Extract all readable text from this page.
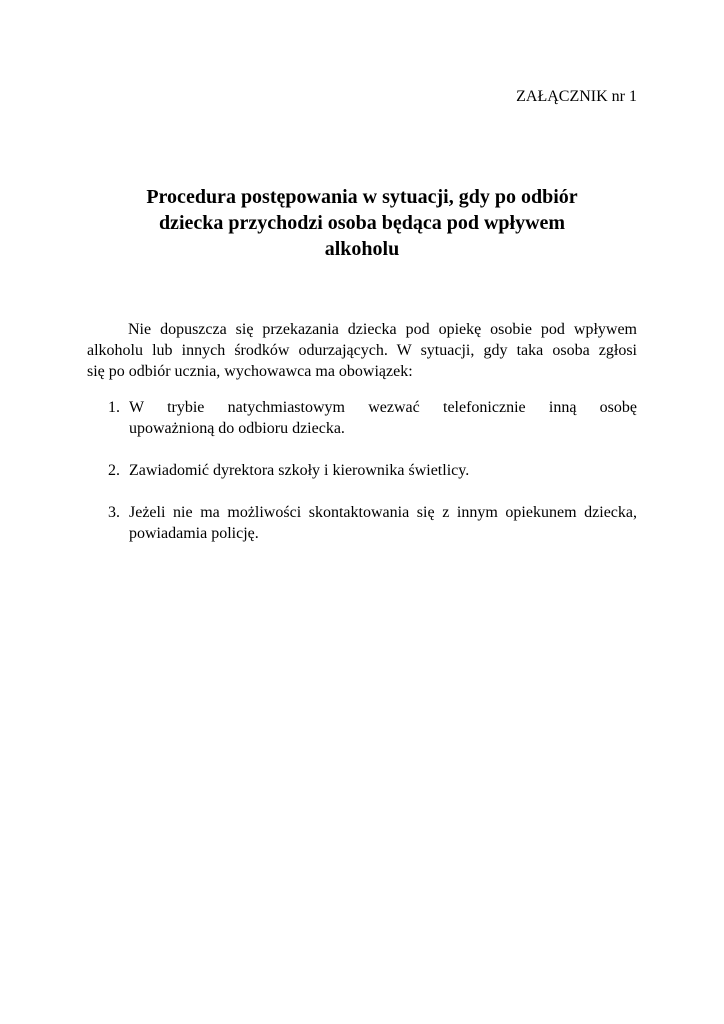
ZAŁĄCZNIK nr 1
Procedura postępowania w sytuacji, gdy po odbiór
dziecka przychodzi osoba będąca pod wpływem
alkoholu

Nie dopuszcza się przekazania dziecka pod opiekę osobie pod wpływem
alkoholu lub innych środków odurzających. W sytuacji, gdy taka osoba zgłosi
się po odbiór ucznia, wychowawca ma obowiązek:

1. W trybie natychmiastowym wezwać telefonicznie inną osobę
upoważnioną do odbioru dziecka.
2. Zawiadomić dyrektora szkoły i kierownika świetlicy.
3. Jeżeli nie ma możliwości skontaktowania się z innym opiekunem dziecka,
powiadamia policję.
